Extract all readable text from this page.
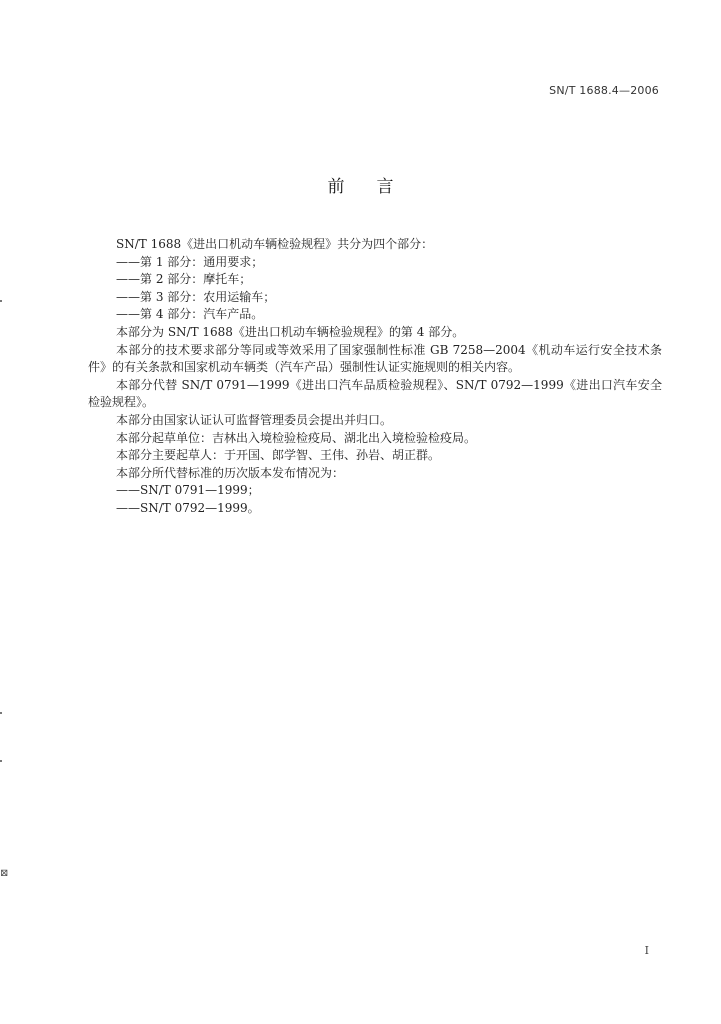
SN/T 1688.4—2006
前言

SN/T 1688《进出口机动车辆检验规程》共分为四个部分：

——第 1 部分：通用要求；

——第 2 部分：摩托车；

——第 3 部分：农用运输车；

——第 4 部分：汽车产品。

本部分为 SN/T 1688《进出口机动车辆检验规程》的第 4 部分。

本部分的技术要求部分等同或等效采用了国家强制性标准 GB 7258—2004《机动车运行安全技术条件》的有关条款和国家机动车辆类（汽车产品）强制性认证实施规则的相关内容。

本部分代替 SN/T 0791—1999《进出口汽车品质检验规程》、SN/T 0792—1999《进出口汽车安全检验规程》。

本部分由国家认证认可监督管理委员会提出并归口。

本部分起草单位：吉林出入境检验检疫局、湖北出入境检验检疫局。

本部分主要起草人：于开国、郎学智、王伟、孙岩、胡正群。

本部分所代替标准的历次版本发布情况为：

——SN/T 0791—1999；

——SN/T 0792—1999。

I
⊠
